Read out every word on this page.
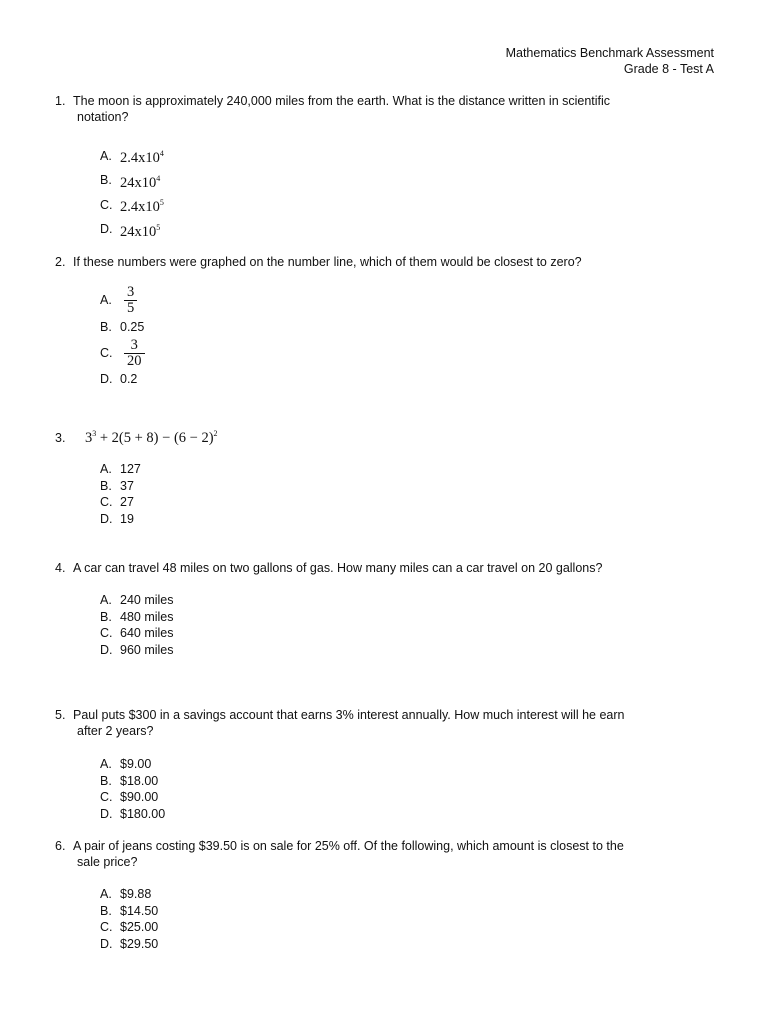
Mathematics Benchmark Assessment
Grade 8 - Test A
1. The moon is approximately 240,000 miles from the earth. What is the distance written in scientific
notation?
A. $2.4x10^4$
B. $24x10^4$
C. $2.4x10^5$
D. $24x10^5$
2. If these numbers were graphed on the number line, which of them would be closest to zero?
A. $\frac{3}{5}$
B. 0.25
C. $\frac{3}{20}$
D. 0.2
3. $3^3 + 2(5 + 8) - (6 - 2)^2$
A. 127
B. 37
C. 27
D. 19
4. A car can travel 48 miles on two gallons of gas. How many miles can a car travel on 20 gallons?
A. 240 miles
B. 480 miles
C. 640 miles
D. 960 miles
5. Paul puts $300 in a savings account that earns 3% interest annually. How much interest will he earn
after 2 years?
A. $9.00
B. $18.00
C. $90.00
D. $180.00
6. A pair of jeans costing $39.50 is on sale for 25% off. Of the following, which amount is closest to the
sale price?
A. $9.88
B. $14.50
C. $25.00
D. $29.50
